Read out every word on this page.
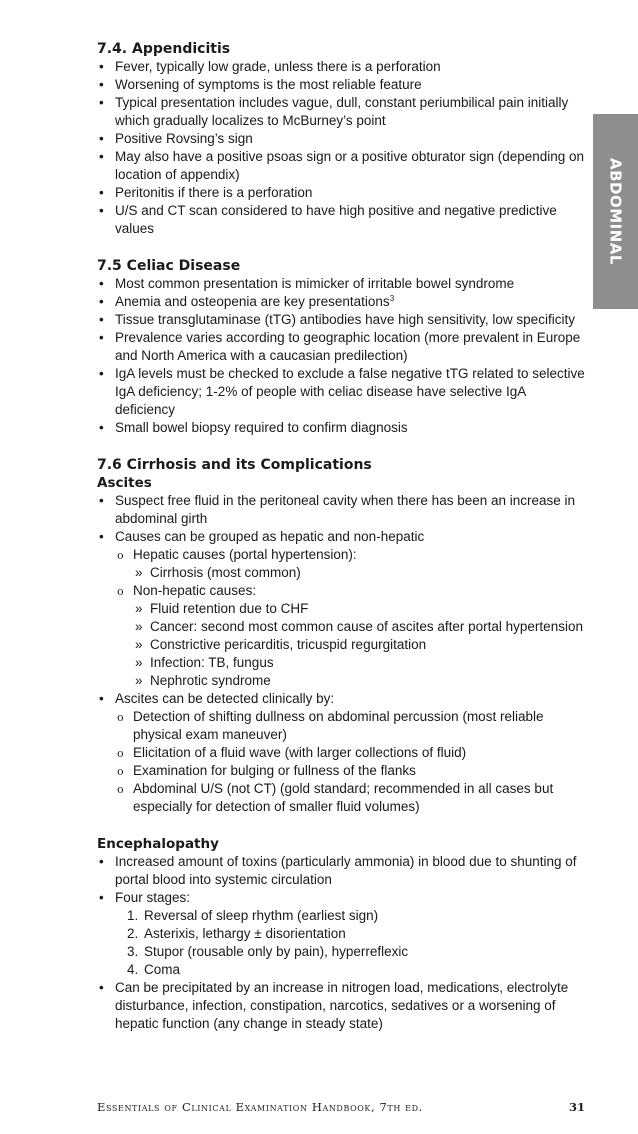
ABDOMINAL
7.4. Appendicitis
• Fever, typically low grade, unless there is a perforation
• Worsening of symptoms is the most reliable feature
• Typical presentation includes vague, dull, constant periumbilical pain initially which gradually localizes to McBurney’s point
• Positive Rovsing’s sign
• May also have a positive psoas sign or a positive obturator sign (depending on location of appendix)
• Peritonitis if there is a perforation
• U/S and CT scan considered to have high positive and negative predictive values
7.5 Celiac Disease
• Most common presentation is mimicker of irritable bowel syndrome
• Anemia and osteopenia are key presentations$^3$
• Tissue transglutaminase (tTG) antibodies have high sensitivity, low specificity
• Prevalence varies according to geographic location (more prevalent in Europe and North America with a caucasian predilection)
• IgA levels must be checked to exclude a false negative tTG related to selective IgA deficiency; 1-2% of people with celiac disease have selective IgA deficiency
• Small bowel biopsy required to confirm diagnosis
7.6 Cirrhosis and its Complications
Ascites
• Suspect free fluid in the peritoneal cavity when there has been an increase in abdominal girth
• Causes can be grouped as hepatic and non-hepatic
o Hepatic causes (portal hypertension):
» Cirrhosis (most common)
o Non-hepatic causes:
» Fluid retention due to CHF
» Cancer: second most common cause of ascites after portal hypertension
» Constrictive pericarditis, tricuspid regurgitation
» Infection: TB, fungus
» Nephrotic syndrome
• Ascites can be detected clinically by:
o Detection of shifting dullness on abdominal percussion (most reliable physical exam maneuver)
o Elicitation of a fluid wave (with larger collections of fluid)
o Examination for bulging or fullness of the flanks
o Abdominal U/S (not CT) (gold standard; recommended in all cases but especially for detection of smaller fluid volumes)
Encephalopathy
• Increased amount of toxins (particularly ammonia) in blood due to shunting of portal blood into systemic circulation
• Four stages:
1. Reversal of sleep rhythm (earliest sign)
2. Asterixis, lethargy ± disorientation
3. Stupor (rousable only by pain), hyperreflexic
4. Coma
• Can be precipitated by an increase in nitrogen load, medications, electrolyte disturbance, infection, constipation, narcotics, sedatives or a worsening of hepatic function (any change in steady state)
Essentials of Clinical Examination Handbook, 7th ed.	31
